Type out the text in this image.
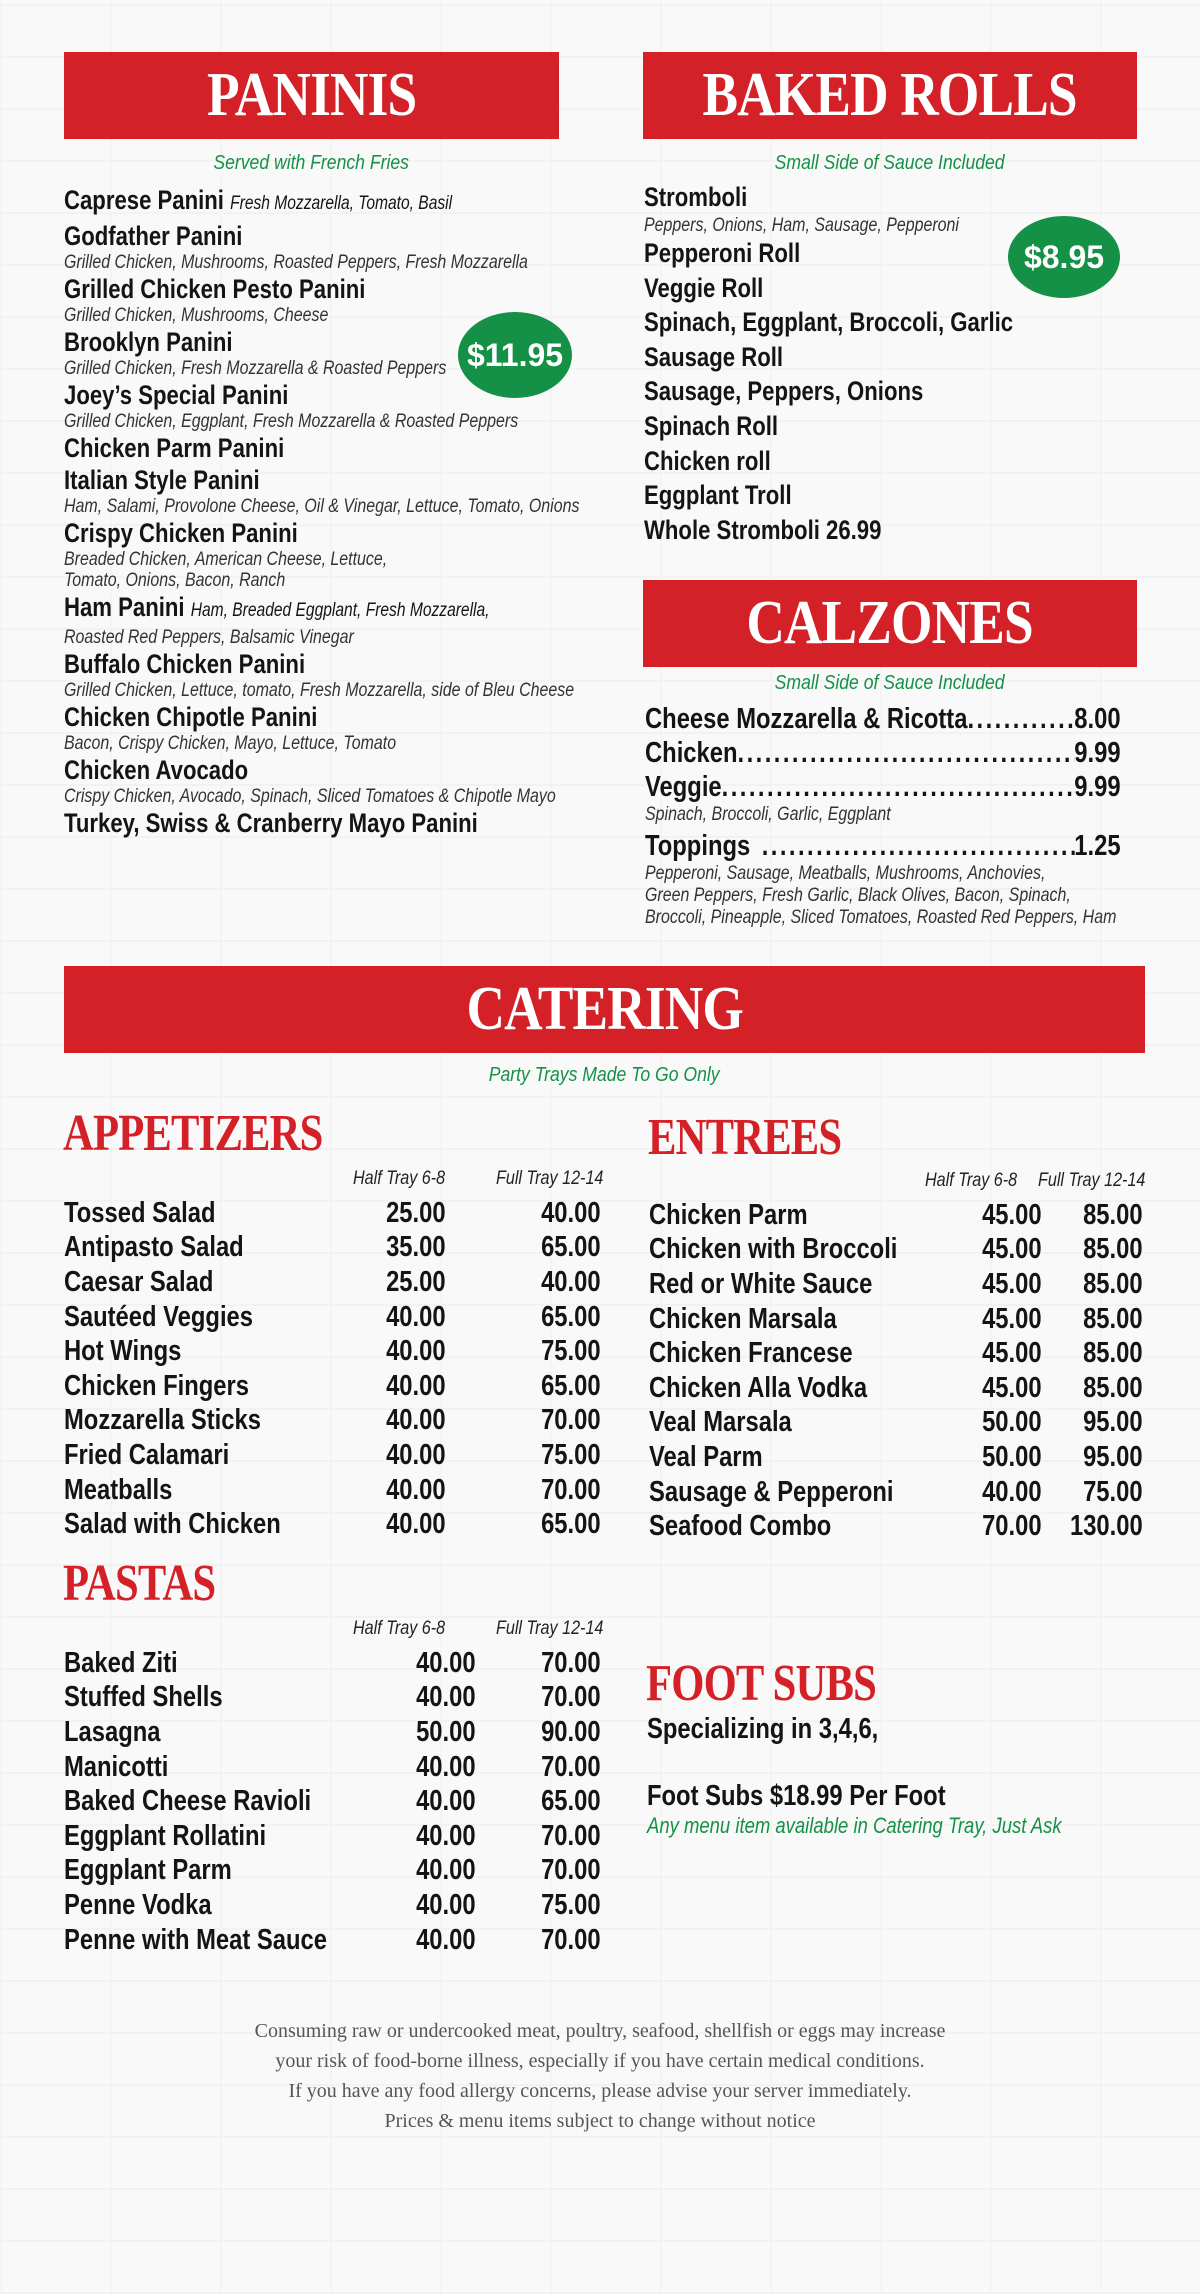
PANINIS
Served with French Fries
$11.95
Caprese Panini Fresh Mozzarella, Tomato, Basil
Godfather Panini
Grilled Chicken, Mushrooms, Roasted Peppers, Fresh Mozzarella
Grilled Chicken Pesto Panini
Grilled Chicken, Mushrooms, Cheese
Brooklyn Panini
Grilled Chicken, Fresh Mozzarella & Roasted Peppers
Joey’s Special Panini
Grilled Chicken, Eggplant, Fresh Mozzarella & Roasted Peppers
Chicken Parm Panini
Italian Style Panini
Ham, Salami, Provolone Cheese, Oil & Vinegar, Lettuce, Tomato, Onions
Crispy Chicken Panini
Breaded Chicken, American Cheese, Lettuce,
Tomato, Onions, Bacon, Ranch
Ham Panini Ham, Breaded Eggplant, Fresh Mozzarella,
Roasted Red Peppers, Balsamic Vinegar
Buffalo Chicken Panini
Grilled Chicken, Lettuce, tomato, Fresh Mozzarella, side of Bleu Cheese
Chicken Chipotle Panini
Bacon, Crispy Chicken, Mayo, Lettuce, Tomato
Chicken Avocado
Crispy Chicken, Avocado, Spinach, Sliced Tomatoes & Chipotle Mayo
Turkey, Swiss & Cranberry Mayo Panini
BAKED ROLLS
Small Side of Sauce Included
$8.95
Stromboli
Peppers, Onions, Ham, Sausage, Pepperoni
Pepperoni Roll
Veggie Roll
Spinach, Eggplant, Broccoli, Garlic
Sausage Roll
Sausage, Peppers, Onions
Spinach Roll
Chicken roll
Eggplant Troll
Whole Stromboli 26.99
CALZONES
Small Side of Sauce Included
Cheese Mozzarella & Ricotta .....	8.00
Chicken .....	9.99
Veggie .....	9.99
Spinach, Broccoli, Garlic, Eggplant
Toppings .....	1.25
Pepperoni, Sausage, Meatballs, Mushrooms, Anchovies,
Green Peppers, Fresh Garlic, Black Olives, Bacon, Spinach,
Broccoli, Pineapple, Sliced Tomatoes, Roasted Red Peppers, Ham
CATERING
Party Trays Made To Go Only
APPETIZERS
Half Tray 6-8	Full Tray 12-14
Tossed Salad	25.00	40.00
Antipasto Salad	35.00	65.00
Caesar Salad	25.00	40.00
Sautéed Veggies	40.00	65.00
Hot Wings	40.00	75.00
Chicken Fingers	40.00	65.00
Mozzarella Sticks	40.00	70.00
Fried Calamari	40.00	75.00
Meatballs	40.00	70.00
Salad with Chicken	40.00	65.00
ENTREES
Half Tray 6-8	Full Tray 12-14
Chicken Parm	45.00	85.00
Chicken with Broccoli	45.00	85.00
Red or White Sauce	45.00	85.00
Chicken Marsala	45.00	85.00
Chicken Francese	45.00	85.00
Chicken Alla Vodka	45.00	85.00
Veal Marsala	50.00	95.00
Veal Parm	50.00	95.00
Sausage & Pepperoni	40.00	75.00
Seafood Combo	70.00	130.00
PASTAS
Half Tray 6-8	Full Tray 12-14
Baked Ziti	40.00	70.00
Stuffed Shells	40.00	70.00
Lasagna	50.00	90.00
Manicotti	40.00	70.00
Baked Cheese Ravioli	40.00	65.00
Eggplant Rollatini	40.00	70.00
Eggplant Parm	40.00	70.00
Penne Vodka	40.00	75.00
Penne with Meat Sauce	40.00	70.00
FOOT SUBS
Specializing in 3,4,6,
Foot Subs $18.99 Per Foot
Any menu item available in Catering Tray, Just Ask
Consuming raw or undercooked meat, poultry, seafood, shellfish or eggs may increase
your risk of food-borne illness, especially if you have certain medical conditions.
If you have any food allergy concerns, please advise your server immediately.
Prices & menu items subject to change without notice
